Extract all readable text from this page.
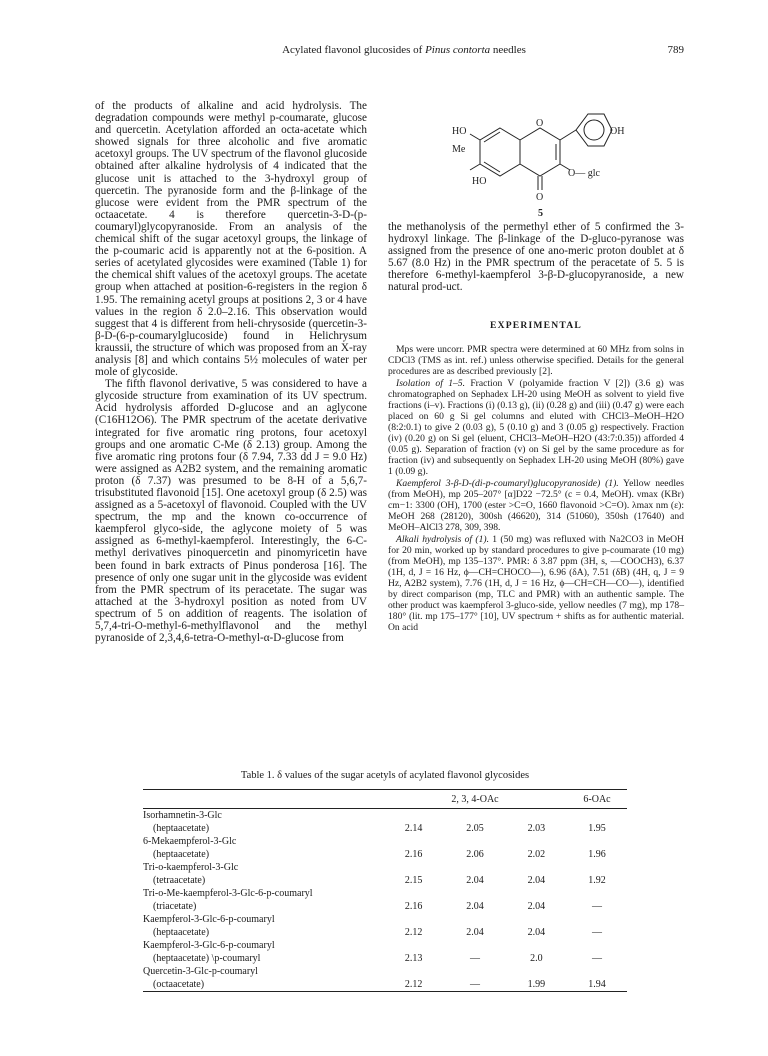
Acylated flavonol glucosides of Pinus contorta needles	789

of the products of alkaline and acid hydrolysis. The degradation compounds were methyl p-coumarate, glucose and quercetin. Acetylation afforded an octa-acetate which showed signals for three alcoholic and five aromatic acetoxyl groups. The UV spectrum of the flavonol glucoside obtained after alkaline hydrolysis of 4 indicated that the glucose unit is attached to the 3-hydroxyl group of quercetin. The pyranoside form and the β-linkage of the glucose were evident from the PMR spectrum of the octaacetate. 4 is therefore quercetin-3-D-(p-coumaryl)glycopyranoside. From an analysis of the chemical shift of the sugar acetoxyl groups, the linkage of the p-coumaric acid is apparently not at the 6-position. A series of acetylated glycosides were examined (Table 1) for the chemical shift values of the acetoxyl groups. The acetate group when attached at position-6-registers in the region δ 1.95. The remaining acetyl groups at positions 2, 3 or 4 have values in the region δ 2.0–2.16. This observation would suggest that 4 is different from heli-chrysoside (quercetin-3-β-D-(6-p-coumarylglucoside) found in Helichrysum kraussii, the structure of which was proposed from an X-ray analysis [8] and which contains 5½ molecules of water per mole of glycoside.

The fifth flavonol derivative, 5 was considered to have a glycoside structure from examination of its UV spectrum. Acid hydrolysis afforded D-glucose and an aglycone (C16H12O6). The PMR spectrum of the acetate derivative integrated for five aromatic ring protons, four acetoxyl groups and one aromatic C-Me (δ 2.13) group. Among the five aromatic ring protons four (δ 7.94, 7.33 dd J = 9.0 Hz) were assigned as A2B2 system, and the remaining aromatic proton (δ 7.37) was presumed to be 8-H of a 5,6,7-trisubstituted flavonoid [15]. One acetoxyl group (δ 2.5) was assigned as a 5-acetoxyl of flavonoid. Coupled with the UV spectrum, the mp and the known co-occurrence of kaempferol glyco-side, the aglycone moiety of 5 was assigned as 6-methyl-kaempferol. Interestingly, the 6-C-methyl derivatives pinoquercetin and pinomyricetin have been found in bark extracts of Pinus ponderosa [16]. The presence of only one sugar unit in the glycoside was evident from the PMR spectrum of its peracetate. The sugar was attached at the 3-hydroxyl position as noted from UV spectrum of 5 on addition of reagents. The isolation of 5,7,4-tri-O-methyl-6-methylflavonol and the methyl pyranoside of 2,3,4,6-tetra-O-methyl-α-D-glucose from

HO
Me
HO
O
O
O— glc
OH
5

the methanolysis of the permethyl ether of 5 confirmed the 3-hydroxyl linkage. The β-linkage of the D-gluco-pyranose was assigned from the presence of one ano-meric proton doublet at δ 5.67 (8.0 Hz) in the PMR spectrum of the peracetate of 5. 5 is therefore 6-methyl-kaempferol 3-β-D-glucopyranoside, a new natural prod-uct.

EXPERIMENTAL

Mps were uncorr. PMR spectra were determined at 60 MHz from solns in CDCl3 (TMS as int. ref.) unless otherwise specified. Details for the general procedures are as described previously [2].

Isolation of 1–5. Fraction V (polyamide fraction V [2]) (3.6 g) was chromatographed on Sephadex LH-20 using MeOH as solvent to yield five fractions (i–v). Fractions (i) (0.13 g), (ii) (0.28 g) and (iii) (0.47 g) were each placed on 60 g Si gel columns and eluted with CHCl3–MeOH–H2O (8:2:0.1) to give 2 (0.03 g), 5 (0.10 g) and 3 (0.05 g) respectively. Fraction (iv) (0.20 g) on Si gel (eluent, CHCl3–MeOH–H2O (43:7:0.35)) afforded 4 (0.05 g). Separation of fraction (v) on Si gel by the same procedure as for fraction (iv) and subsequently on Sephadex LH-20 using MeOH (80%) gave 1 (0.09 g).

Kaempferol 3-β-D-(di-p-coumaryl)glucopyranoside) (1). Yellow needles (from MeOH), mp 205–207° [α]D22 −72.5° (c = 0.4, MeOH). νmax (KBr) cm−1: 3300 (OH), 1700 (ester >C=O, 1660 flavonoid >C=O). λmax nm (ε): MeOH 268 (28120), 300sh (46620), 314 (51060), 350sh (17640) and MeOH–AlCl3 278, 309, 398.

Alkali hydrolysis of (1). 1 (50 mg) was refluxed with Na2CO3 in MeOH for 20 min, worked up by standard procedures to give p-coumarate (10 mg) (from MeOH), mp 135–137°. PMR: δ 3.87 ppm (3H, s, —COOCH3), 6.37 (1H, d, J = 16 Hz, ϕ—CH=CHOCO—), 6.96 (δA), 7.51 (δB) (4H, q, J = 9 Hz, A2B2 system), 7.76 (1H, d, J = 16 Hz, ϕ—CH=CH—CO—), identified by direct comparison (mp, TLC and PMR) with an authentic sample. The other product was kaempferol 3-gluco-side, yellow needles (7 mg), mp 178–180° (lit. mp 175–177° [10], UV spectrum + shifts as for authentic material. On acid

Table 1. δ values of the sugar acetyls of acylated flavonol glycosides
	2, 3, 4-OAc			6-OAc
Isorhamnetin-3-Glc				
(heptaacetate)	2.14	2.05	2.03	1.95
6-Mekaempferol-3-Glc				
(heptaacetate)	2.16	2.06	2.02	1.96
Tri-o-kaempferol-3-Glc				
(tetraacetate)	2.15	2.04	2.04	1.92
Tri-o-Me-kaempferol-3-Glc-6-p-coumaryl				
(triacetate)	2.16	2.04	2.04	—
Kaempferol-3-Glc-6-p-coumaryl				
(heptaacetate)	2.12	2.04	2.04	—
Kaempferol-3-Glc-6-p-coumaryl				
(heptaacetate) \p-coumaryl	2.13	—	2.0	—
Quercetin-3-Glc-p-coumaryl				
(octaacetate)	2.12	—	1.99	1.94
